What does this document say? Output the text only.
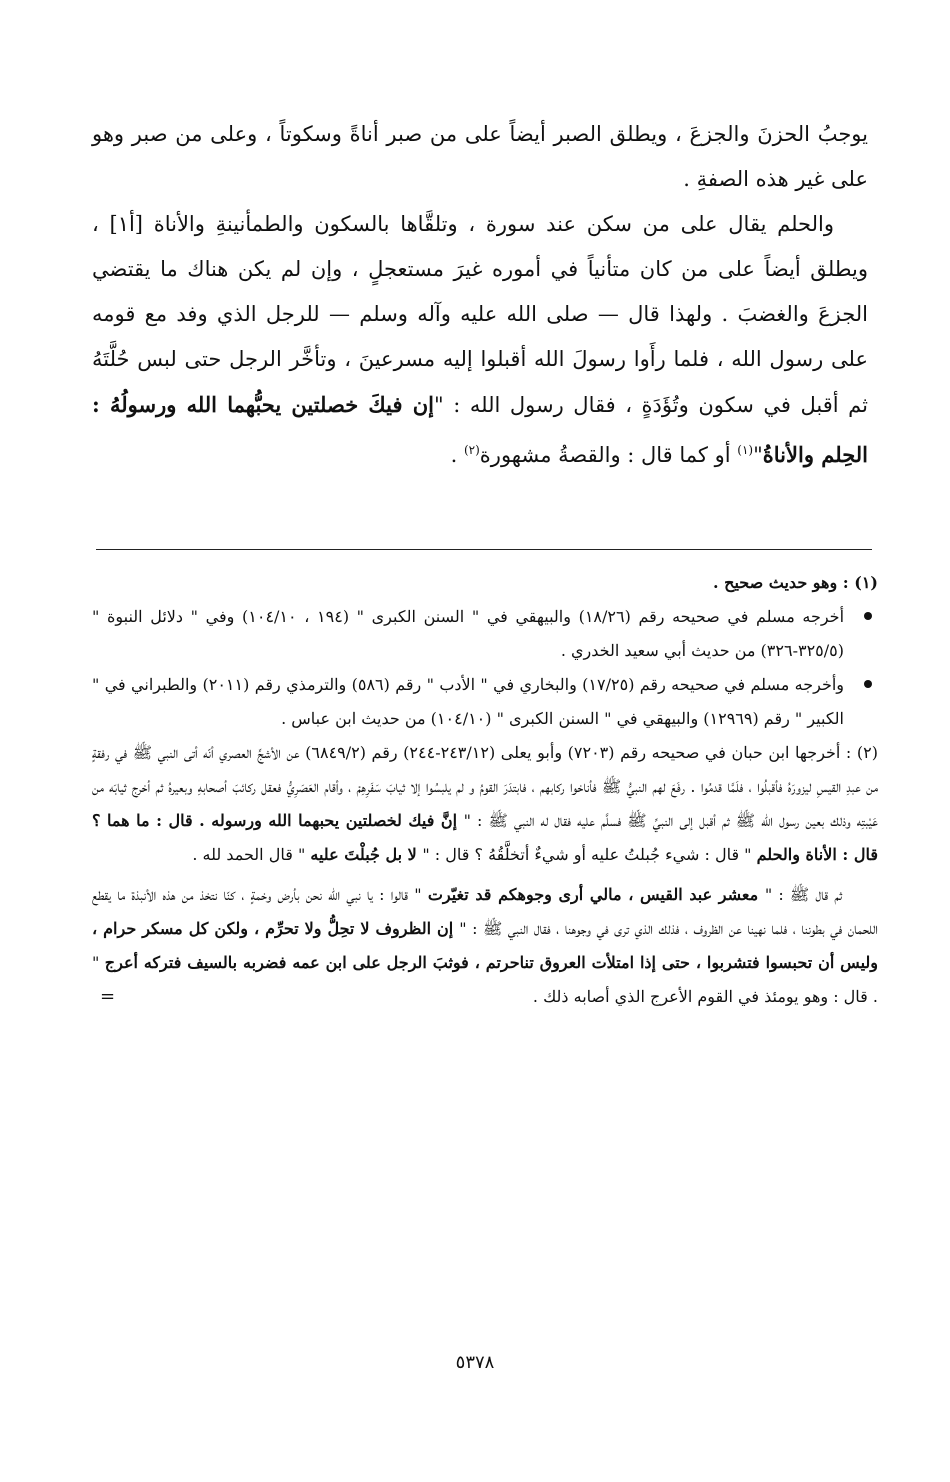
يوجبُ الحزنَ والجزعَ ، ويطلق الصبر أيضاً على من صبر أناةً وسكوتاً ، وعلى من صبر وهو على غير هذه الصفةِ .

والحلم يقال على من سكن عند سورة ، وتلقَّاها بالسكون والطمأنينةِ والأناة [أ١] ، ويطلق أيضاً على من كان متأنياً في أموره غيرَ مستعجلٍ ، وإن لم يكن هناك ما يقتضي الجزعَ والغضبَ . ولهذا قال — صلى الله عليه وآله وسلم — للرجل الذي وفد مع قومه على رسول الله ، فلما رأَوا رسولَ الله أقبلوا إليه مسرعينَ ، وتأخَّر الرجل حتى لبس حُلَّتَهُ ثم أقبل في سكون وتُؤَدَةٍ ، فقال رسول الله : "إن فيكَ خصلتين يحبُّهما الله ورسولُهُ : الحِلم والأناةُ"$^{(١)}$ أو كما قال : والقصةُ مشهورة$^{(٢)}$ .

(١) : وهو حديث صحيح .

أخرجه مسلم في صحيحه رقم (١٨/٢٦) والبيهقي في " السنن الكبرى " (١٩٤ ، ١٠٤/١٠) وفي " دلائل النبوة " (٣٢٥/٥-٣٢٦) من حديث أبي سعيد الخدري .

وأخرجه مسلم في صحيحه رقم (١٧/٢٥) والبخاري في " الأدب " رقم (٥٨٦) والترمذي رقم (٢٠١١) والطبراني في " الكبير " رقم (١٢٩٦٩) والبيهقي في " السنن الكبرى " (١٠٤/١٠) من حديث ابن عباس .

(٢) : أخرجها ابن حبان في صحيحه رقم (٧٢٠٣) وأبو يعلى (٢٤٣/١٢-٢٤٤) رقم (٦٨٤٩/٢) عن الأشجِّ العصري أنّه أتى النبي ﷺ في رفقةٍ من عبدِ القيسِ ليزورَهُ فأقبلُوا ، فلَمَّا قدمُوا . رفَعَ لهم النبيُّ ﷺ فأناخوا ركابهم ، فابتدَرَ القومُ و لم يلبسُوا إلا ثيابَ سَفَرِهِمْ ، وأقام العَصَرِيُّ فعقل ركائبَ أصحابهِ وبعيرهُ ثم أخرج ثيابَه من عَيْبتِه وذلك بعين رسول الله ﷺ ثم أقبل إلى النبيِّ ﷺ فسلَّم عليه فقال له النبي ﷺ : " إنَّ فيك لخصلتين يحبهما الله ورسوله . قال : ما هما ؟ قال : الأناة والحلم " قال : شيء جُبلتُ عليه أو شيءٌ أتخلَّقُهُ ؟ قال : " لا بل جُبلْتَ عليه " قال الحمد لله .

ثم قال ﷺ : " معشر عبد القيس ، مالي أرى وجوهكم قد تغيّرت " قالوا : يا نبي الله نحن بأرض وخمةٍ ، كنّا نتخذ من هذه الأنبذة ما يقطع اللحمان في بطوننا ، فلما نهينا عن الظروف ، فذلك الذي ترى في وجوهنا ، فقال النبي ﷺ : " إن الظروف لا تحِلُّ ولا تحرِّم ، ولكن كل مسكر حرام ، وليس أن تحبسوا فتشربوا ، حتى إذا امتلأت العروق تناحرتم ، فوثبَ الرجل على ابن عمه فضربه بالسيف فتركه أعرج " . قال : وهو يومئذ في القوم الأعرج الذي أصابه ذلك .
=

٥٣٧٨
